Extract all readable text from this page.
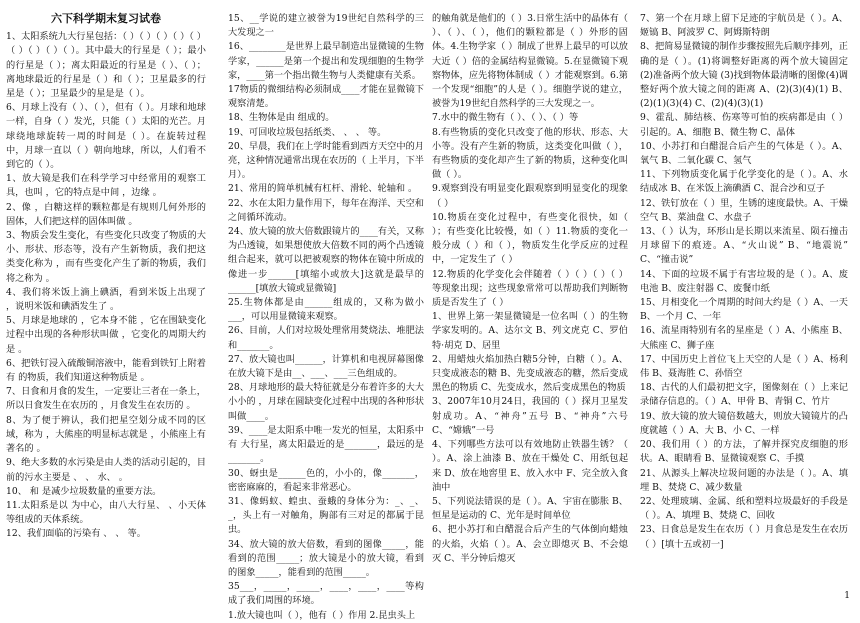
六下科学期末复习试卷

1、太阳系统九大行星包括：（ ）（ ）（ ）（ ）（ ）（ ）（ ）（ ）（ ）。其中最大的行星是（ ）；最小的行星是（ ）；离太阳最近的行星是（ ）、（ ）；离地球最近的行星是（ ）和（ ）；卫星最多的行星是（ ）；卫星最少的星是是（ ）。

6、月球上没有（ ）、（ ），但有（ ）。月球和地球一样，自身（ ）发光，只能（ ）太阳的光芒。月球绕地球旋转一周的时间是（ ）。在旋转过程中，月球一直以（ ）朝向地球，所以，人们看不到它的（ ）。

1、放大镜是我们在科学学习中经常用的观察工具，也叫 ，它的特点是中间 ，边缘 。

2、像 ，白糖这样的颗粒都是有规则几何外形的固体，人们把这样的固体叫做 。

3、物质会发生变化，有些变化只改变了物质的大小、形状、形态等，没有产生新物质，我们把这类变化称为 ，而有些变化产生了新的物质，我们将之称为 。

4、我们将米饭上滴上碘酒，看到米饭上出现了 ，说明米饭和碘酒发生了 。

5、月球是地球的 ，它本身不能 ，它在围缺变化过程中出现的各种形状叫做 ，它变化的周期大约是 。

6、把铁钉浸入硫酸铜溶液中，能看到铁钉上附着有 的物质，我们知道这种物质是 。

7、日食和月食的发生，一定要让三者在一条上，所以日食发生在农历的 ，月食发生在农历的 。

8、为了便于辨认，我们把星空划分成不同的区域，称为 ，大熊座的明显标志就是 ，小熊座上有著名的 。

9、绝大多数的水污染是由人类的活动引起的，目前的污水主要是 、 、 水、 。

10、 和 是减少垃圾数量的重要方法。

11.太阳系是以 为中心，由八大行星、 、小天体等组成的天体系统。

12、我们面临的污染有 、 、 等。

15、__学说的建立被誉为19世纪自然科学的三大发现之一

16、________是世界上最早制造出显微镜的生物学家，______是第一个提出和发现细胞的生物学家，____第一个指出微生物与人类健康有关系。

17物质的微细结构必须制成____才能在显微镜下观察清楚。

18、生物体是由 组成的。

19、可回收垃圾包括纸类、 、 、 等。

20、早晨，我们在上学时能看到西方天空中的月亮，这种情况通常出现在农历的（ 上半月，下半月）。

21、常用的简单机械有杠杆、滑轮、轮轴和 。

22、水在太阳力量作用下，每年在海洋、天空和之间循环流动。

24、放大镜的放大倍数跟镜片的____有关，又称为凸透镜，如果想使放大倍数不同的两个凸透镜组合起来，就可以把被观察的物体在镜中所成的像进一步______[填缩小或放大]这就是最早的______[填放大镜或显微镜]

25.生物体都是由______组成的，又称为做小___，可以用显微镜来观察。

26、目前，人们对垃圾处理常用焚烧法、堆肥法和_______。

27、放大镜也叫______，计算机和电视屏幕图像在放大镜下是由__、___、___三色组成的。

28、月球地形的最大特征就是分布着许多的大大小小的 ，月球在圆缺变化过程中出现的各种形状叫做____。

39、____是太阳系中唯一发光的恒星，太阳系中有 大行星，离太阳最近的是_______，最远的是_______。

30、蚜虫是______色的，小小的，像_______，密密麻麻的，看起来非常恶心。

31、像蚂蚁、蝗虫、蚕蛾的身体分为：_、_、_，头上有一对触角，胸部有三对足的都属于昆虫。

34、放大镜的放大倍数，看到的图像_____，能看到的范围_____；放大镜是小的放大镜，看到的图象_____，能看到的范围_____。

35___，_____，_____，____，____，____等构成了我们周围的环境。

1.放大镜也叫（ ），他有（ ）作用 2.昆虫头上

的触角就是他们的（ ）3.日常生活中的晶体有（ ）、（ ）、（ ），他们的颗粒都是（ ）外形的固体。4.生物学家（ ）制成了世界上最早的可以放大近（ ）倍的金属结构显微镜。5.在显微镜下观察物体，应先将物体制成（ ）才能观察到。6.第一个发现“细胞”的人是（ ）。细胞学说的建立，被誉为19世纪自然科学的三大发现之一。

7.水中的微生物有（ ）、（ ）、（ ）等

8.有些物质的变化只改变了他的形状、形态、大小等。没有产生新的物质，这类变化叫做（ ），有些物质的变化却产生了新的物质，这种变化叫做（ ）。

9.观察到没有明显变化跟观察到明显变化的现象（ ）

10.物质在变化过程中，有些变化很快，如（ ）；有些变化比较慢，如（ ）11.物质的变化一般分成（ ）和（ ），物质发生化学反应的过程中，一定发生了（ ）

12.物质的化学变化会伴随着（ ）（ ）（ ）（ ）等现象出现；这些现象常常可以帮助我们判断物质是否发生了（ ）

1、世界上第一架显微镜是一位名叫（ ）的生物学家发明的。A、达尔文 B、列文虎克 C、罗伯特·胡克 D、居里

2、用蜡烛火焰加热白糖5分钟，白糖（ ）。A、只变成液态的糖 B、先变成液态的糖，然后变成黑色的物质 C、先变成水，然后变成黑色的物质

3、2007年10月24日，我国的（ ）探月卫星发射成功。A、“神舟”五号 B、“神舟”六号 C、“嫦娥”一号

4、下列哪些方法可以有效地防止铁器生锈？（ ）。A、涂上油漆 B、放在干燥处 C、用纸包起来 D、放在地窖里 E、放入水中 F、完全放入食油中

5、下列说法错误的是（ ）。A、宇宙在膨胀 B、恒星是运动的 C、光年是时间单位

6、把小苏打和白醋混合后产生的气体倒向蜡烛的火焰，火焰（ ）。A、会立即熄灭 B、不会熄灭 C、半分钟后熄灭

7、第一个在月球上留下足迹的宇航员是（ ）。A、姬镐 B、阿波罗 C、阿姆斯特朗

8、把简易显微镜的制作步骤按照先后顺序排列，正确的是（ ）。(1)将调整好距离的两个放大镜固定(2)准备两个放大镜 (3)找到物体最清晰的图像(4)调整好两个放大镜之间的距离 A、(2)(3)(4)(1) B、(2)(1)(3)(4) C、(2)(4)(3)(1)

9、霍乱、肺结核、伤寒等可怕的疾病都是由（ ）引起的。A、细胞 B、微生物 C、晶体

10、小苏打和白醋混合后产生的气体是（ ）。A、氧气 B、二氧化碳 C、氢气

11、下列物质变化属于化学变化的是（ ）。A、水结成冰 B、在米饭上滴碘酒 C、混合沙和豆子

12、铁钉放在（ ）里，生锈的速度最快。A、干燥空气 B、菜油盘 C、水盘子

13、（ ）认为，环形山是长期以来流星、陨石撞击月球留下的痕迹。A、“火山说” B、“地震说” C、“撞击说”

14、下面的垃圾不属于有害垃圾的是（ ）。A、废电池 B、废注射器 C、废餐巾纸

15、月相变化一个周期的时间大约是（ ）A、一天 B、一个月 C、一年

16、流星雨特别有名的星座是（ ）A、小熊座 B、大熊座 C、狮子座

17、中国历史上首位飞上天空的人是（ ）A、杨利伟 B、聂海胜 C、孙悟空

18、古代的人们最初把文字，图像刻在（ ）上来记录储存信息的。（ ）A、甲骨 B、青铜 C、竹片

19、放大镜的放大镜倍数越大，则放大镜镜片的凸度就越（ ）A、大 B、小 C、一样

20、我们用（ ）的方法，了解并探究皮细胞的形状。A、眼睛看 B、显微镜观察 C、手摸

21、从源头上解决垃圾问题的办法是（ ）。A、填埋 B、焚烧 C、减少数量

22、处理玻璃、金属、纸和塑料垃圾最好的手段是（ ）。A、填埋 B、焚烧 C、回收

23、日食总是发生在农历（ ）月食总是发生在农历（ ）[填十五或初一]

1
